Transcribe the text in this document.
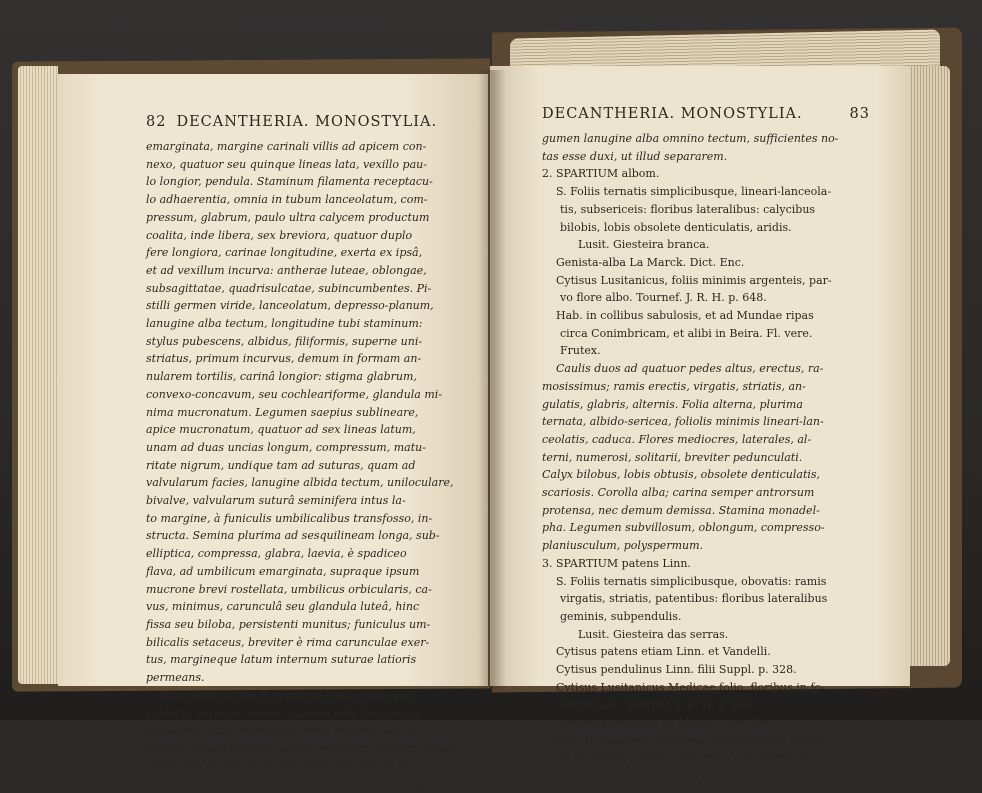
82 DECANTHERIA. MONOSTYLIA.
emarginata, margine carinali villis ad apicem con-
nexo, quatuor seu quinque lineas lata, vexillo pau-
lo longior, pendula. Staminum filamenta receptacu-
lo adhaerentia, omnia in tubum lanceolatum, com-
pressum, glabrum, paulo ultra calycem productum
coalita, inde libera, sex breviora, quatuor duplo
fere longiora, carinae longitudine, exerta ex ipsâ,
et ad vexillum incurva: antherae luteae, oblongae,
subsagittatae, quadrisulcatae, subincumbentes. Pi-
stilli germen viride, lanceolatum, depresso-planum,
lanugine alba tectum, longitudine tubi staminum:
stylus pubescens, albidus, filiformis, superne uni-
striatus, primum incurvus, demum in formam an-
nularem tortilis, carinâ longior: stigma glabrum,
convexo-concavum, seu cochleariforme, glandula mi-
nima mucronatum. Legumen saepius sublineare,
apice mucronatum, quatuor ad sex lineas latum,
unam ad duas uncias longum, compressum, matu-
ritate nigrum, undique tam ad suturas, quam ad
valvularum facies, lanugine albida tectum, uniloculare,
bivalve, valvularum suturâ seminifera intus la-
to margine, à funiculis umbilicalibus transfosso, in-
structa. Semina plurima ad sesquilineam longa, sub-
elliptica, compressa, glabra, laevia, è spadiceo
flava, ad umbilicum emarginata, supraque ipsum
mucrone brevi rostellata, umbilicus orbicularis, ca-
vus, minimus, carunculâ seu glandula luteâ, hinc
fissa seu biloba, persistenti munitus; funiculus um-
bilicalis setaceus, breviter è rima carunculae exer-
tus, margineque latum internum suturae latioris
permeans.
Obs. Nimis affine S. scopario Linn., cujus etsi
videatur varietas maior; attamen folia fasciculata
numerosa, nulla in novellis ramis ternata, sed ra-
rissime, prope radicem ad ima novorum caulium, unum
alterumve ternatum; flores certe maiores; et le-
gu-
DECANTHERIA. MONOSTYLIA.	83
gumen lanugine alba omnino tectum, sufficientes no-
tas esse duxi, ut illud separarem.
2. SPARTIUM albom.
S. Foliis ternatis simplicibusque, lineari-lanceola-
tis, subsericeis: floribus lateralibus: calycibus
bilobis, lobis obsolete denticulatis, aridis.
Lusit. Giesteira branca.
Genista-alba La Marck. Dict. Enc.
Cytisus Lusitanicus, foliis minimis argenteis, par-
vo flore albo. Tournef. J. R. H. p. 648.
Hab. in collibus sabulosis, et ad Mundae ripas
circa Conimbricam, et alibi in Beira. Fl. vere.
Frutex.
Caulis duos ad quatuor pedes altus, erectus, ra-
mosissimus; ramis erectis, virgatis, striatis, an-
gulatis, glabris, alternis. Folia alterna, plurima
ternata, albido-sericea, foliolis minimis lineari-lan-
ceolatis, caduca. Flores mediocres, laterales, al-
terni, numerosi, solitarii, breviter pedunculati.
Calyx bilobus, lobis obtusis, obsolete denticulatis,
scariosis. Corolla alba; carina semper antrorsum
protensa, nec demum demissa. Stamina monadel-
pha. Legumen subvillosum, oblongum, compresso-
planiusculum, polyspermum.
3. SPARTIUM patens Linn.
S. Foliis ternatis simplicibusque, obovatis: ramis
virgatis, striatis, patentibus: floribus lateralibus
geminis, subpendulis.
Lusit. Giesteira das serras.
Cytisus patens etiam Linn. et Vandelli.
Cytisus pendulinus Linn. filii Suppl. p. 328.
Cytisus Lusitanicus Medicae folio, floribus in fo-
liorum alis. Tournef. J. R. H. p. 648.
Genista-pendulina La Marck. Dict. Enc.
Hab. in montosis sabulosis, praesertim in Beira
et Lusitania boreali, raro circa Conimbricam
L 2	ad
